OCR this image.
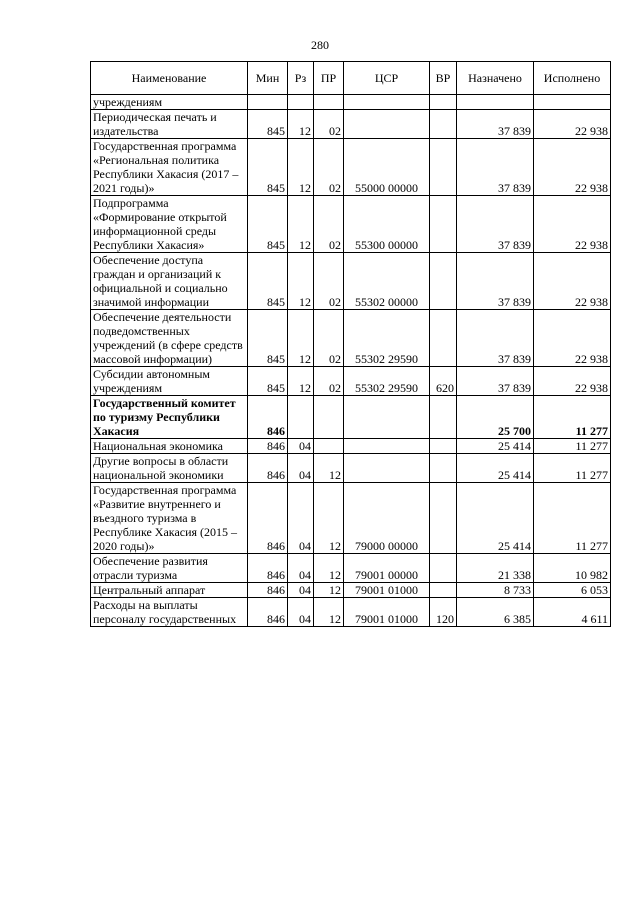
280
Наименование	Мин	Рз	ПР	ЦСР	ВР	Назначено	Исполнено
учреждениям							
Периодическая печать и издательства	845	12	02			37 839	22 938
Государственная программа «Региональная политика Республики Хакасия (2017 – 2021 годы)»	845	12	02	55000 00000		37 839	22 938
Подпрограмма «Формирование открытой информационной среды Республики Хакасия»	845	12	02	55300 00000		37 839	22 938
Обеспечение доступа граждан и организаций к официальной и социально значимой информации	845	12	02	55302 00000		37 839	22 938
Обеспечение деятельности подведомственных учреждений (в сфере средств массовой информации)	845	12	02	55302 29590		37 839	22 938
Субсидии автономным учреждениям	845	12	02	55302 29590	620	37 839	22 938
Государственный комитет по туризму Республики Хакасия	846					25 700	11 277
Национальная экономика	846	04				25 414	11 277
Другие вопросы в области национальной экономики	846	04	12			25 414	11 277
Государственная программа «Развитие внутреннего и въездного туризма в Республике Хакасия (2015 – 2020 годы)»	846	04	12	79000 00000		25 414	11 277
Обеспечение развития отрасли туризма	846	04	12	79001 00000		21 338	10 982
Центральный аппарат	846	04	12	79001 01000		8 733	6 053
Расходы на выплаты персоналу государственных	846	04	12	79001 01000	120	6 385	4 611
